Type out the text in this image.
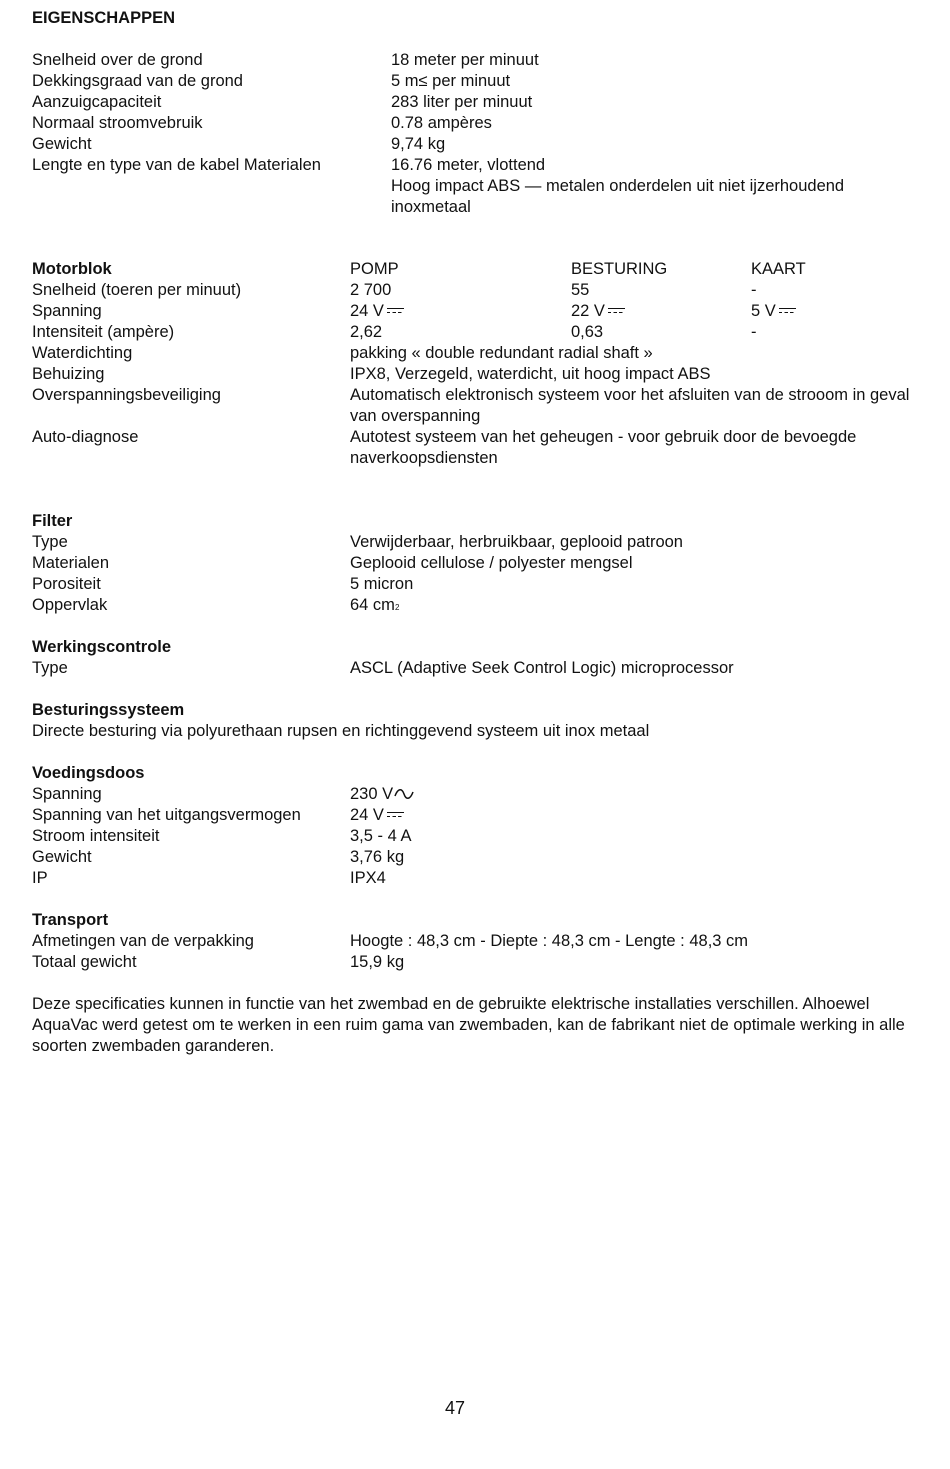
EIGENSCHAPPEN
Snelheid over de grond	18 meter per minuut
Dekkingsgraad van de grond	5 m≤ per minuut
Aanzuigcapaciteit	283 liter per minuut
Normaal stroomvebruik	0.78 ampères
Gewicht	9,74 kg
Lengte en type van de kabel Materialen	16.76 meter, vlottend
Hoog impact ABS — metalen onderdelen uit niet ijzerhoudend
inoxmetaal
Motorblok	POMP	BESTURING	KAART
Snelheid (toeren per minuut)	2 700	55	-
Spanning	24 V	22 V	5 V
Intensiteit (ampère)	2,62	0,63	-
Waterdichting	pakking « double redundant radial shaft »
Behuizing	IPX8, Verzegeld, waterdicht, uit hoog impact ABS
Overspanningsbeveiliging	Automatisch elektronisch systeem voor het afsluiten van de strooom in geval van overspanning
Auto-diagnose	Autotest systeem van het geheugen - voor gebruik door de bevoegde naverkoopsdiensten
Filter
Type	Verwijderbaar, herbruikbaar, geplooid patroon
Materialen	Geplooid cellulose / polyester mengsel
Porositeit	5 micron
Oppervlak	64 cm2
Werkingscontrole
Type	ASCL (Adaptive Seek Control Logic) microprocessor
Besturingssysteem
Directe besturing via polyurethaan rupsen en richtinggevend systeem uit inox metaal
Voedingsdoos
Spanning	230 V
Spanning van het uitgangsvermogen	24 V
Stroom intensiteit	3,5 - 4 A
Gewicht	3,76 kg
IP	IPX4
Transport
Afmetingen van de verpakking	Hoogte : 48,3 cm - Diepte : 48,3 cm - Lengte : 48,3 cm
Totaal gewicht	15,9 kg
Deze specificaties kunnen in functie van het zwembad en de gebruikte elektrische installaties verschillen. Alhoewel AquaVac werd getest om te werken in een ruim gama van zwembaden, kan de fabrikant niet de optimale werking in alle soorten zwembaden garanderen.
47
